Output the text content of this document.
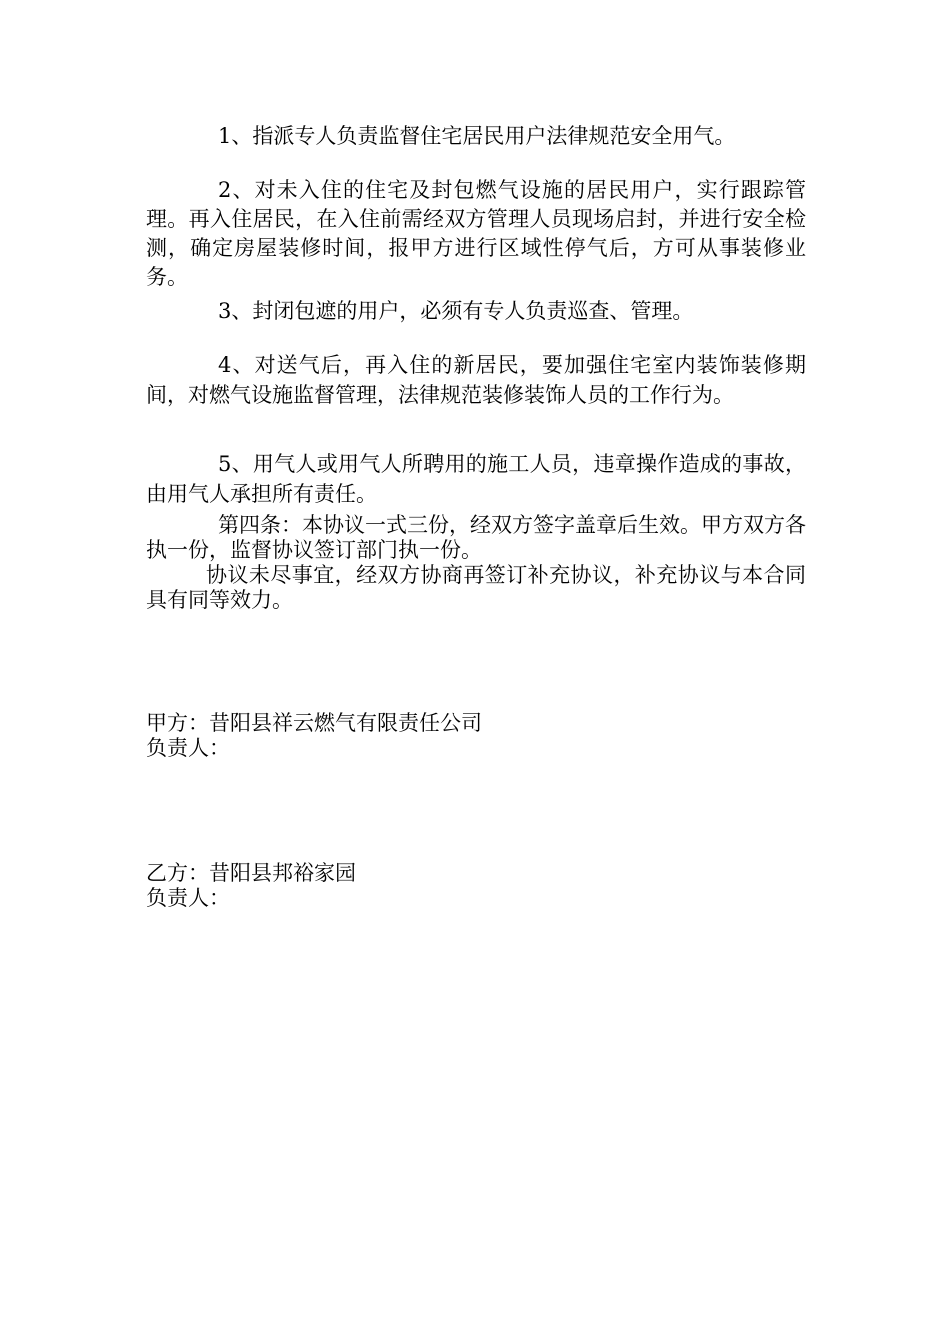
1、指派专人负责监督住宅居民用户法律规范安全用气。

2、对未入住的住宅及封包燃气设施的居民用户，实行跟踪管理。再入住居民，在入住前需经双方管理人员现场启封，并进行安全检测，确定房屋装修时间，报甲方进行区域性停气后，方可从事装修业务。

3、封闭包遮的用户，必须有专人负责巡查、管理。

4、对送气后，再入住的新居民，要加强住宅室内装饰装修期间，对燃气设施监督管理，法律规范装修装饰人员的工作行为。

5、用气人或用气人所聘用的施工人员，违章操作造成的事故，由用气人承担所有责任。

第四条：本协议一式三份，经双方签字盖章后生效。甲方双方各执一份，监督协议签订部门执一份。

协议未尽事宜，经双方协商再签订补充协议，补充协议与本合同具有同等效力。

甲方：昔阳县祥云燃气有限责任公司

负责人：

乙方：昔阳县邦裕家园

负责人：
